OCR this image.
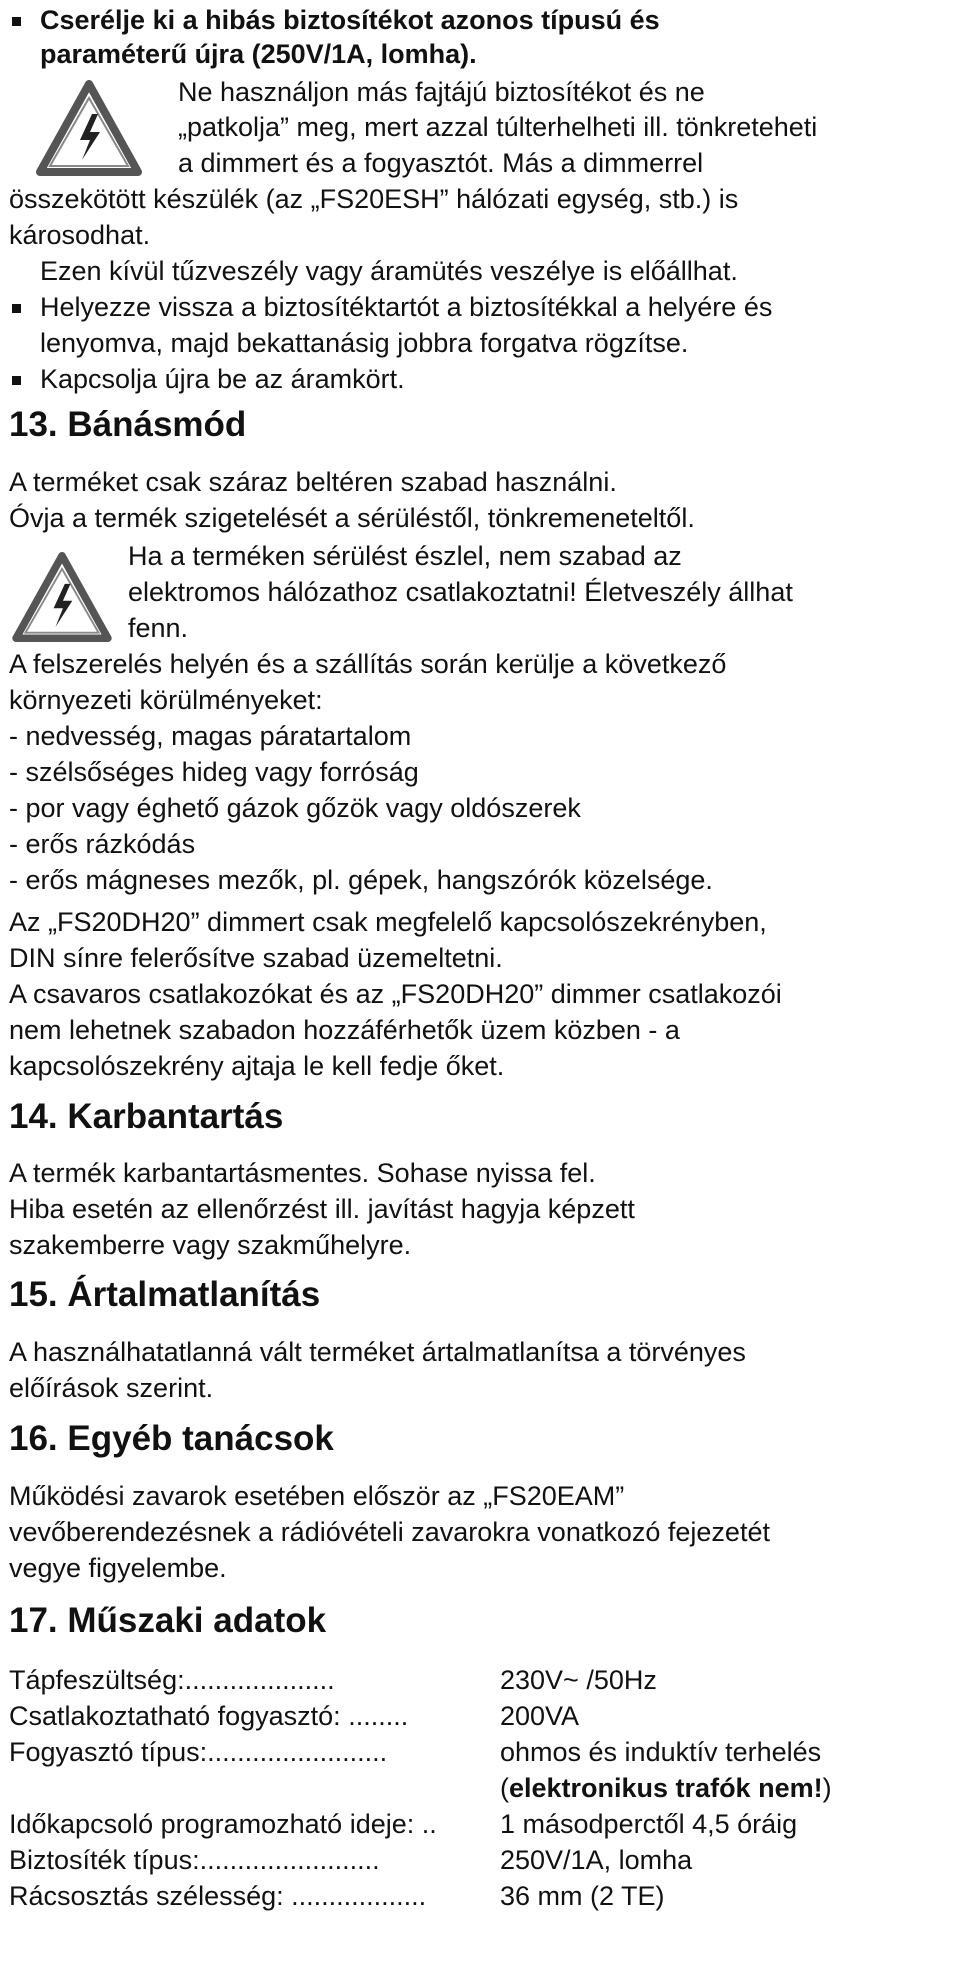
Cserélje ki a hibás biztosítékot azonos típusú és
paraméterű újra (250V/1A, lomha).
Ne használjon más fajtájú biztosítékot és ne
„patkolja” meg, mert azzal túlterhelheti ill. tönkreteheti
a dimmert és a fogyasztót. Más a dimmerrel
összekötött készülék (az „FS20ESH” hálózati egység, stb.) is
károsodhat.
Ezen kívül tűzveszély vagy áramütés veszélye is előállhat.
Helyezze vissza a biztosítéktartót a biztosítékkal a helyére és
lenyomva, majd bekattanásig jobbra forgatva rögzítse.
Kapcsolja újra be az áramkört.
13. Bánásmód
A terméket csak száraz beltéren szabad használni.
Óvja a termék szigetelését a sérüléstől, tönkremeneteltől.
Ha a terméken sérülést észlel, nem szabad az
elektromos hálózathoz csatlakoztatni! Életveszély állhat
fenn.
A felszerelés helyén és a szállítás során kerülje a következő
környezeti körülményeket:
- nedvesség, magas páratartalom
- szélsőséges hideg vagy forróság
- por vagy éghető gázok gőzök vagy oldószerek
- erős rázkódás
- erős mágneses mezők, pl. gépek, hangszórók közelsége.
Az „FS20DH20” dimmert csak megfelelő kapcsolószekrényben,
DIN sínre felerősítve szabad üzemeltetni.
A csavaros csatlakozókat és az „FS20DH20” dimmer csatlakozói
nem lehetnek szabadon hozzáférhetők üzem közben - a
kapcsolószekrény ajtaja le kell fedje őket.
14. Karbantartás
A termék karbantartásmentes. Sohase nyissa fel.
Hiba esetén az ellenőrzést ill. javítást hagyja képzett
szakemberre vagy szakműhelyre.
15. Ártalmatlanítás
A használhatatlanná vált terméket ártalmatlanítsa a törvényes
előírások szerint.
16. Egyéb tanácsok
Működési zavarok esetében először az „FS20EAM”
vevőberendezésnek a rádióvételi zavarokra vonatkozó fejezetét
vegye figyelembe.
17. Műszaki adatok
Tápfeszültség:....................	230V~ /50Hz
Csatlakoztatható fogyasztó: ........	200VA
Fogyasztó típus:........................	ohmos és induktív terhelés
(elektronikus trafók nem!)
Időkapcsoló programozható ideje: .. 1 másodperctől 4,5 óráig
Biztosíték típus:........................	250V/1A, lomha
Rácsosztás szélesség: ..................	36 mm (2 TE)
